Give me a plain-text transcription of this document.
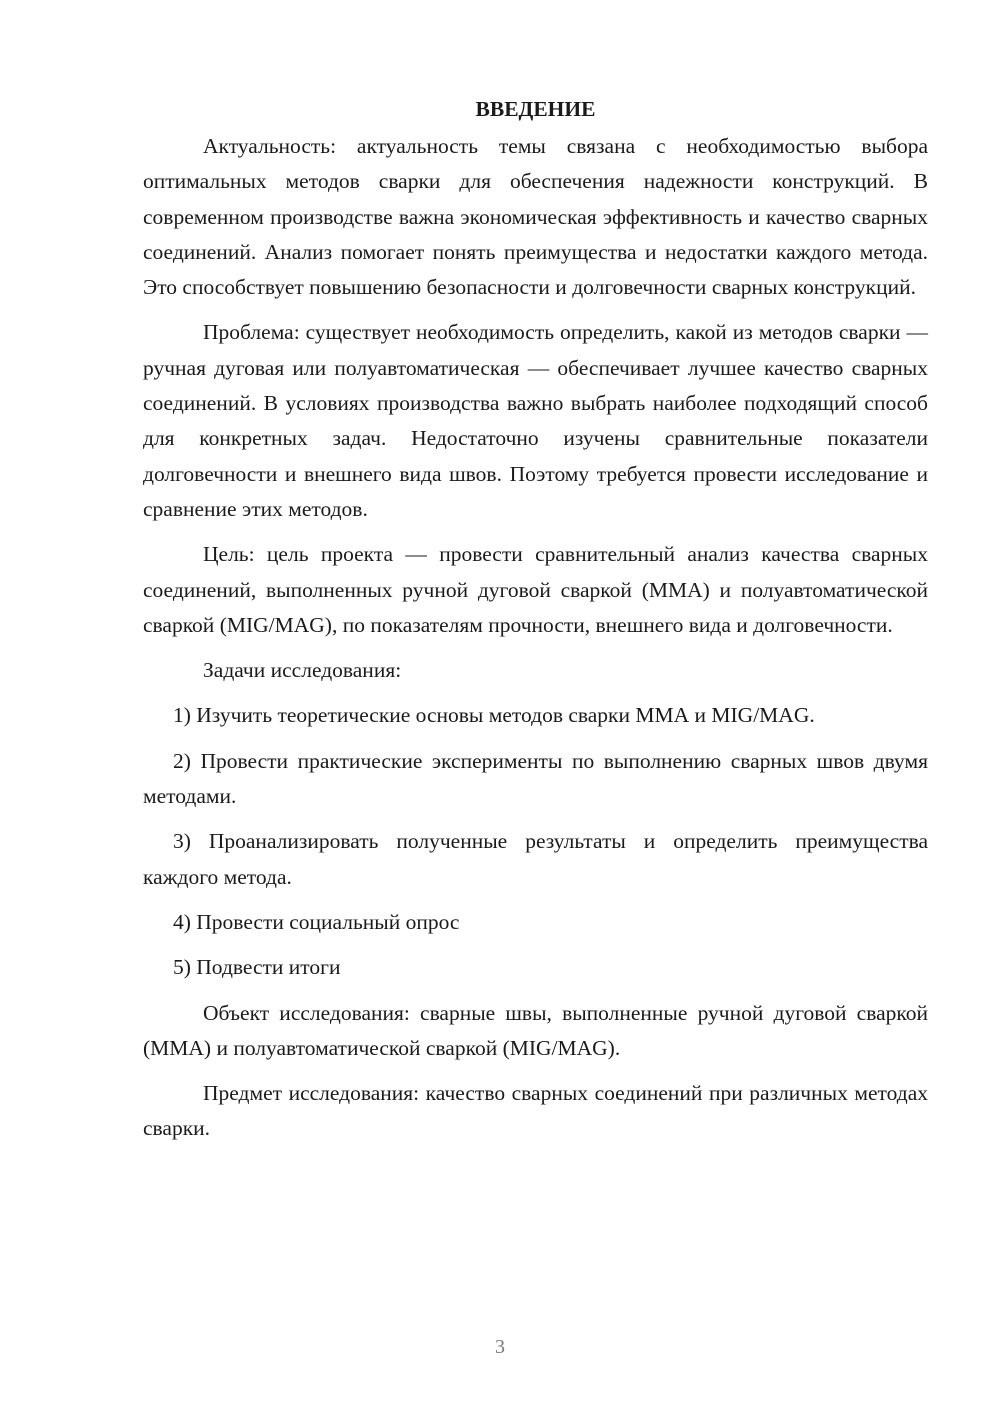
ВВЕДЕНИЕ

Актуальность: актуальность темы связана с необходимостью выбора оптимальных методов сварки для обеспечения надежности конструкций. В современном производстве важна экономическая эффективность и качество сварных соединений. Анализ помогает понять преимущества и недостатки каждого метода. Это способствует повышению безопасности и долговечности сварных конструкций.

Проблема: существует необходимость определить, какой из методов сварки — ручная дуговая или полуавтоматическая — обеспечивает лучшее качество сварных соединений. В условиях производства важно выбрать наиболее подходящий способ для конкретных задач. Недостаточно изучены сравнительные показатели долговечности и внешнего вида швов. Поэтому требуется провести исследование и сравнение этих методов.

Цель: цель проекта — провести сравнительный анализ качества сварных соединений, выполненных ручной дуговой сваркой (ММА) и полуавтоматической сваркой (MIG/MAG), по показателям прочности, внешнего вида и долговечности.

Задачи исследования:

1) Изучить теоретические основы методов сварки ММА и MIG/MAG.

2) Провести практические эксперименты по выполнению сварных швов двумя методами.

3) Проанализировать полученные результаты и определить преимущества каждого метода.

4) Провести социальный опрос

5) Подвести итоги

Объект исследования: сварные швы, выполненные ручной дуговой сваркой (ММА) и полуавтоматической сваркой (MIG/MAG).

Предмет исследования: качество сварных соединений при различных методах сварки.

3
